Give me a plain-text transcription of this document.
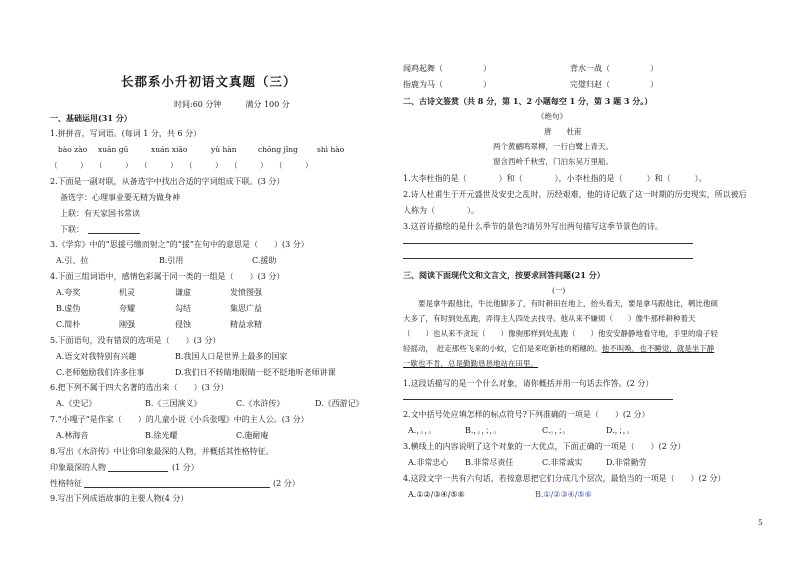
长郡系小升初语文真题（三）
时间:60 分钟　　　满分 100 分
一、基础运用(31 分）
1.拼拼音，写词语。(每词 1 分，共 6 分）
bào zào xuān gū	xuán xiāo	yǔ hàn	chōng jǐng	shì hào
（　　　）　　（　　　）　　（　　　）　　（　　　）　　（　　　）　　（　　　）
2.下面是一副对联，从备选字中找出合适的字词组成下联。(3 分）
备选字：心理事业要无精为做身神
上联：有天家国书常读
下联：
3.《学弈》中的“思援弓缴而射之”的“援”在句中的意思是（　　）(3 分）
A.引、拉	B.引用	C.援助
4.下面三组词语中，感情色彩属于同一类的一组是（　　）(3 分）
A.夸奖	机灵	谦虚	发愤图强
B.虚伪	夸耀	勾结	集思广益
C.简朴	刚强	侵蚀	精益求精
5.下面语句，没有错误的选项是（　　）(3 分）
A.语文对我特别有兴趣	B.我国人口是世界上最多的国家
C.老师勉励我们许多往事	D.我们日不转睛地眼睛一眨不眨地听老师讲课
6.把下列不属于四大名著的选出来（　　）(3 分）
A.《史记》	B.《三国演义》	C.《水浒传》	D.《西游记》
7.“小嘎子”是作家（　　）的儿童小说《小兵张嘎》中的主人公。(3 分）
A.林海音	B.徐光耀	C.施耐庵
8.写出《水浒传》中让你印象最深的人物，并概括其性格特征。
印象最深的人物	(1 分）
性格特征	(2 分）
9.写出下列成语故事的主要人物(4 分）
闻鸡起舞（　　　　　）	背水一战（　　　　　）
指鹿为马（　　　　　）	完璧归赵（　　　　　）
二、古诗文鉴赏（共 8 分，第 1、2 小题每空 1 分，第 3 题 3 分。）
《绝句》
唐　　杜甫
两个黄鹂鸣翠柳，一行白鹭上青天。
窗含西岭千秋雪，门泊东吴万里船。
1.大李杜指的是（　　　　）和（　　　　），小李杜指的是（　　　）和（　　　）。
2.诗人杜甫生于开元盛世及安史之乱时，历经艰难，他的诗记载了这一时期的历史现实，所以被后
人称为（　　　　）。
3.这首诗描绘的是什么季节的景色?请另外写出两句描写这季节景色的诗。
三、阅读下面现代文和文言文，按要求回答问题(21 分）
(一)
  要是拿牛跟他比，牛比他脚多了，有时耕田在地上，抬头看天，要是拿马跟他比，鹌比他硕大多了，有时到处乱跑，弄得主人四处去找寻。他从来不嫌烦（　　）像牛那样耕种着天（　　）也从来不贪玩（　　）像驹那样到处乱跑（　　）他安安静静地看守地，手里的扇子轻轻摇动，　赶走那些飞来的小蚊，它们是来吃新桂的稻穗的。他不叫唤，也不睡觉，就是坐下静一歇也不肯，总是勤勤恳恳地站在田里。
1.这段话描写的是一个什么对象，请你概括并用一句话去作答。(2 分）
2.文中括号处应填怎样的标点符号?下列准确的一项是（　　）(2 分）
A.，。，。	B.，。，；，。	C.。，；。	D.，；，。
3.横线上的内容说明了这个对象的一大优点，下面正确的一项是（　　）(2 分）
A.非常忠心 B.非常尽责任	C.非常诚实	D.非常勤劳
4.这段文字一共有六句话，若按意思把它们分成几个层次，最恰当的一项是（　　）(2 分）
A.①②/③④/⑤⑥	B.①/②③④/⑤⑥
5
